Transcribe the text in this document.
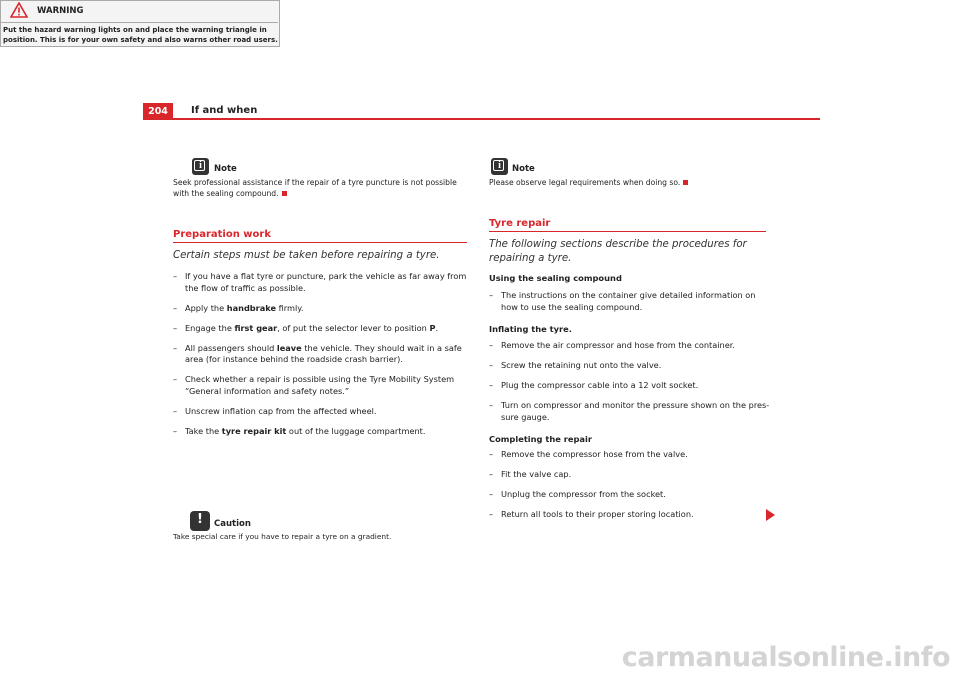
204	If and when
i	Note
Seek professional assistance if the repair of a tyre puncture is not possible with the sealing compound.
Preparation work
Certain steps must be taken before repairing a tyre.
– If you have a flat tyre or puncture, park the vehicle as far away from the flow of traffic as possible.
– Apply the handbrake firmly.
– Engage the first gear, of put the selector lever to position P.
– All passengers should leave the vehicle. They should wait in a safe area (for instance behind the roadside crash barrier).
– Check whether a repair is possible using the Tyre Mobility System “General information and safety notes.”
– Unscrew inflation cap from the affected wheel.
– Take the tyre repair kit out of the luggage compartment.
WARNING
Put the hazard warning lights on and place the warning triangle in position. This is for your own safety and also warns other road users.
!
Caution
Take special care if you have to repair a tyre on a gradient.
i	Note
Please observe legal requirements when doing so.
Tyre repair
The following sections describe the procedures for repairing a tyre.
Using the sealing compound
– The instructions on the container give detailed information on how to use the sealing compound.
Inflating the tyre.
– Remove the air compressor and hose from the container.
– Screw the retaining nut onto the valve.
– Plug the compressor cable into a 12 volt socket.
– Turn on compressor and monitor the pressure shown on the pres-sure gauge.
Completing the repair
– Remove the compressor hose from the valve.
– Fit the valve cap.
– Unplug the compressor from the socket.
– Return all tools to their proper storing location.
carmanualsonline.info
